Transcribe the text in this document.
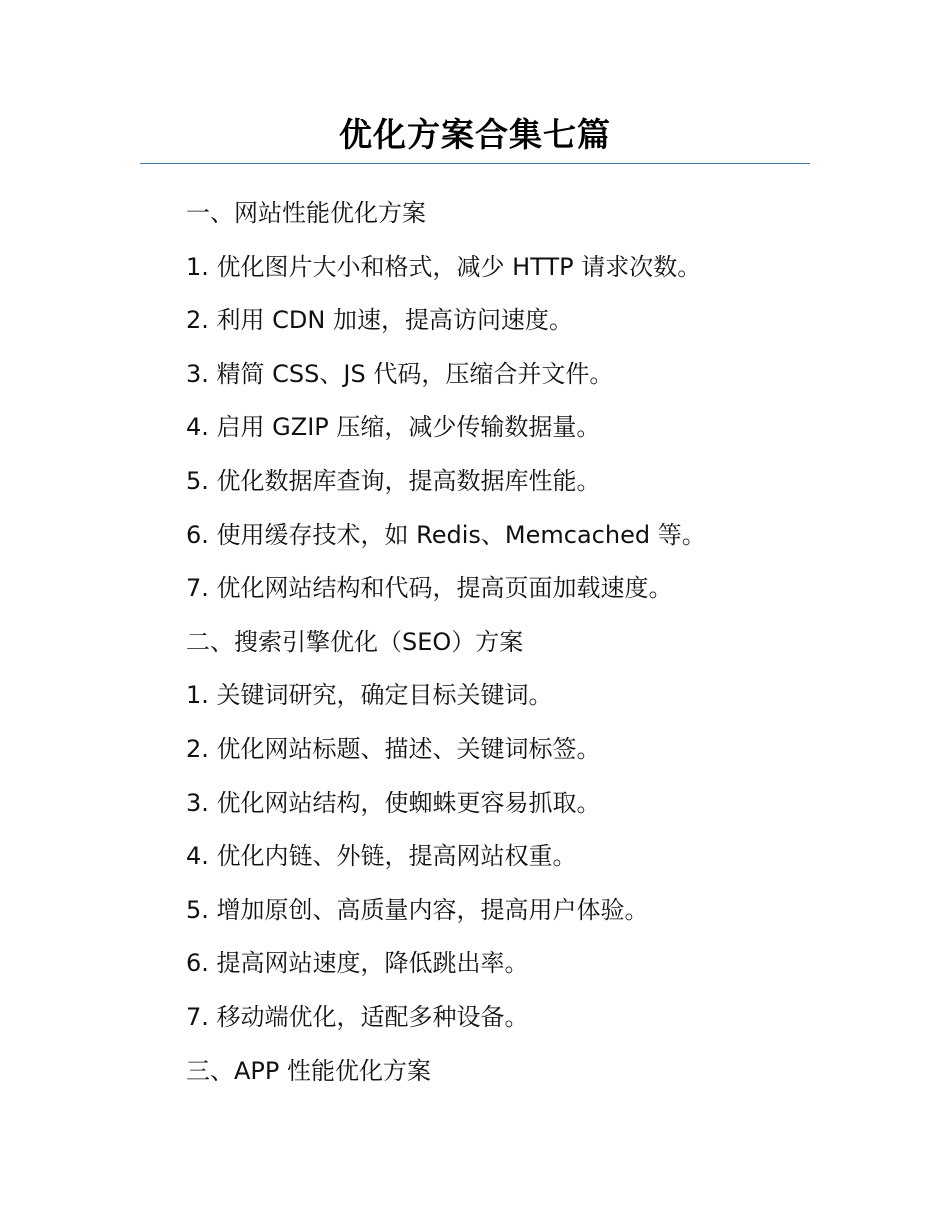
优化方案合集七篇
一、网站性能优化方案
1. 优化图片大小和格式，减少 HTTP 请求次数。
2. 利用 CDN 加速，提高访问速度。
3. 精简 CSS、JS 代码，压缩合并文件。
4. 启用 GZIP 压缩，减少传输数据量。
5. 优化数据库查询，提高数据库性能。
6. 使用缓存技术，如 Redis、Memcached 等。
7. 优化网站结构和代码，提高页面加载速度。
二、搜索引擎优化（SEO）方案
1. 关键词研究，确定目标关键词。
2. 优化网站标题、描述、关键词标签。
3. 优化网站结构，使蜘蛛更容易抓取。
4. 优化内链、外链，提高网站权重。
5. 增加原创、高质量内容，提高用户体验。
6. 提高网站速度，降低跳出率。
7. 移动端优化，适配多种设备。
三、APP 性能优化方案
